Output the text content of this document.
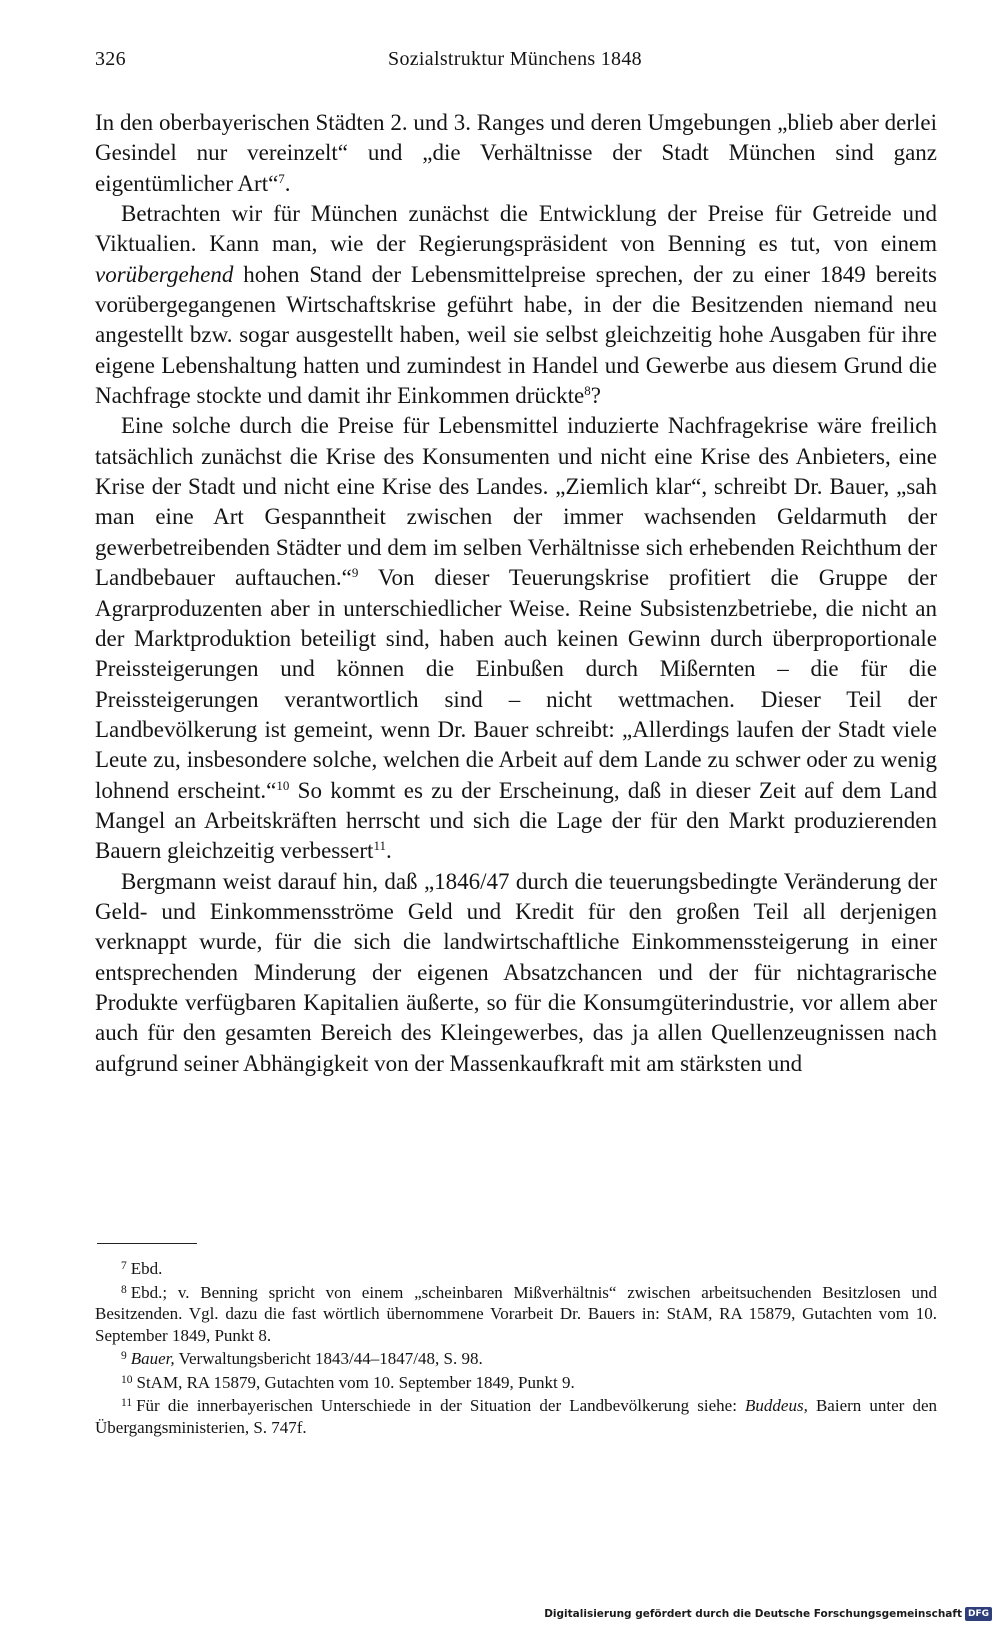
326	Sozialstruktur Münchens 1848

In den oberbayerischen Städten 2. und 3. Ranges und deren Umgebungen „blieb aber derlei Gesindel nur vereinzelt“ und „die Verhältnisse der Stadt München sind ganz eigentümlicher Art“$^7$.

Betrachten wir für München zunächst die Entwicklung der Preise für Getreide und Viktualien. Kann man, wie der Regierungspräsident von Benning es tut, von einem vorübergehend hohen Stand der Lebensmittelpreise sprechen, der zu einer 1849 bereits vorübergegangenen Wirtschaftskrise geführt habe, in der die Besitzenden niemand neu angestellt bzw. sogar ausgestellt haben, weil sie selbst gleichzeitig hohe Ausgaben für ihre eigene Lebenshaltung hatten und zumindest in Handel und Gewerbe aus diesem Grund die Nachfrage stockte und damit ihr Einkommen drückte$^8$?

Eine solche durch die Preise für Lebensmittel induzierte Nachfragekrise wäre freilich tatsächlich zunächst die Krise des Konsumenten und nicht eine Krise des Anbieters, eine Krise der Stadt und nicht eine Krise des Landes. „Ziemlich klar“, schreibt Dr. Bauer, „sah man eine Art Gespanntheit zwischen der immer wachsenden Geldarmuth der gewerbetreibenden Städter und dem im selben Verhältnisse sich erhebenden Reichthum der Landbebauer auftauchen.“$^9$ Von dieser Teuerungskrise profitiert die Gruppe der Agrarproduzenten aber in unterschiedlicher Weise. Reine Subsistenzbetriebe, die nicht an der Marktproduktion beteiligt sind, haben auch keinen Gewinn durch überproportionale Preissteigerungen und können die Einbußen durch Mißernten – die für die Preissteigerungen verantwortlich sind – nicht wettmachen. Dieser Teil der Landbevölkerung ist gemeint, wenn Dr. Bauer schreibt: „Allerdings laufen der Stadt viele Leute zu, insbesondere solche, welchen die Arbeit auf dem Lande zu schwer oder zu wenig lohnend erscheint.“$^{10}$ So kommt es zu der Erscheinung, daß in dieser Zeit auf dem Land Mangel an Arbeitskräften herrscht und sich die Lage der für den Markt produzierenden Bauern gleichzeitig verbessert$^{11}$.

Bergmann weist darauf hin, daß „1846/47 durch die teuerungsbedingte Veränderung der Geld- und Einkommensströme Geld und Kredit für den großen Teil all derjenigen verknappt wurde, für die sich die landwirtschaftliche Einkommenssteigerung in einer entsprechenden Minderung der eigenen Absatzchancen und der für nichtagrarische Produkte verfügbaren Kapitalien äußerte, so für die Konsumgüterindustrie, vor allem aber auch für den gesamten Bereich des Kleingewerbes, das ja allen Quellenzeugnissen nach aufgrund seiner Abhängigkeit von der Massenkaufkraft mit am stärksten und

$^7$ Ebd.

$^8$ Ebd.; v. Benning spricht von einem „scheinbaren Mißverhältnis“ zwischen arbeitsuchenden Besitzlosen und Besitzenden. Vgl. dazu die fast wörtlich übernommene Vorarbeit Dr. Bauers in: StAM, RA 15879, Gutachten vom 10. September 1849, Punkt 8.

$^9$ Bauer, Verwaltungsbericht 1843/44–1847/48, S. 98.

$^{10}$ StAM, RA 15879, Gutachten vom 10. September 1849, Punkt 9.

$^{11}$ Für die innerbayerischen Unterschiede in der Situation der Landbevölkerung siehe: Buddeus, Baiern unter den Übergangsministerien, S. 747f.

Digitalisierung gefördert durch die Deutsche Forschungsgemeinschaft DFG
